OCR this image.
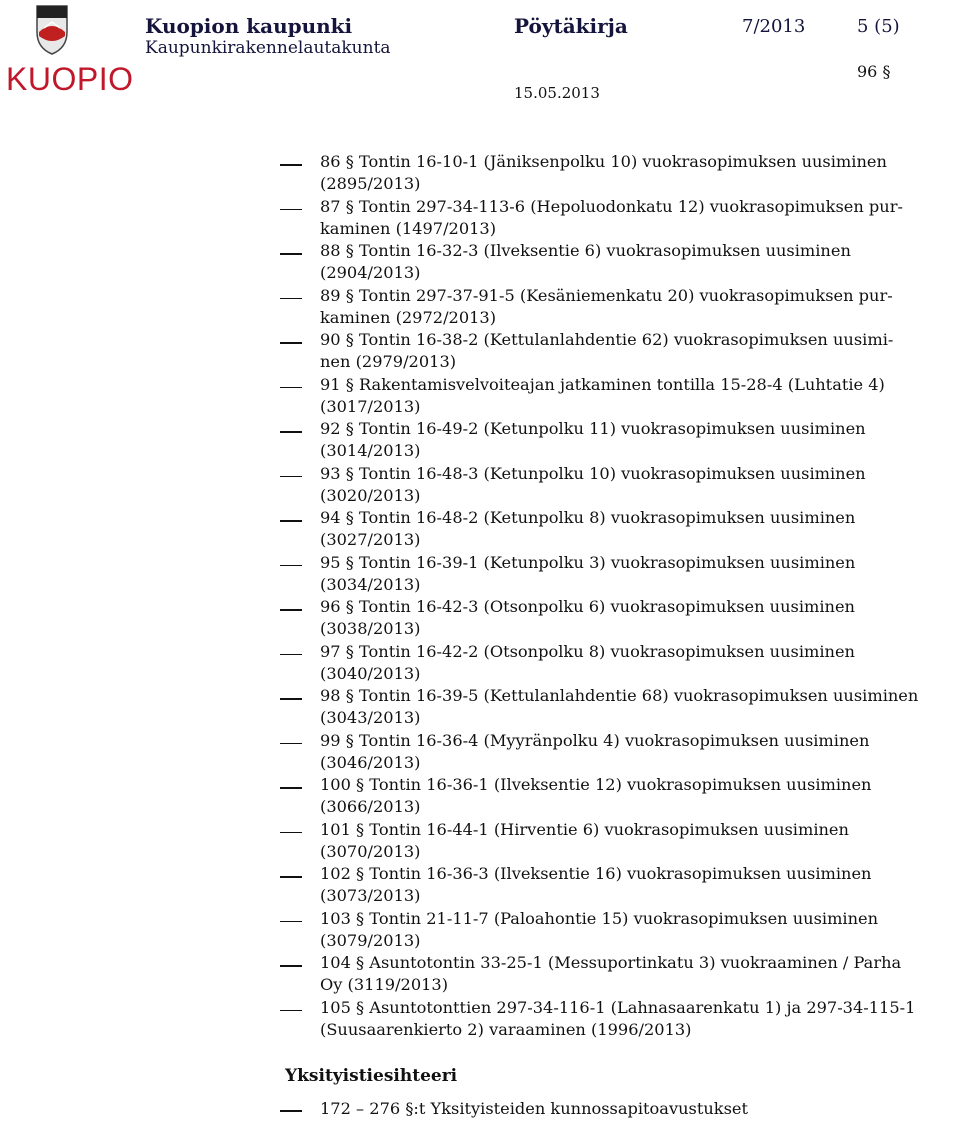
KUOPIO
Kuopion kaupunki
Kaupunkirakennelautakunta
Pöytäkirja	7/2013	5 (5)
96 §
15.05.2013
86 § Tontin 16-10-1 (Jäniksenpolku 10) vuokrasopimuksen uusiminen
(2895/2013)
87 § Tontin 297-34-113-6 (Hepoluodonkatu 12) vuokrasopimuksen pur-
kaminen (1497/2013)
88 § Tontin 16-32-3 (Ilveksentie 6) vuokrasopimuksen uusiminen
(2904/2013)
89 § Tontin 297-37-91-5 (Kesäniemenkatu 20) vuokrasopimuksen pur-
kaminen (2972/2013)
90 § Tontin 16-38-2 (Kettulanlahdentie 62) vuokrasopimuksen uusimi-
nen (2979/2013)
91 § Rakentamisvelvoiteajan jatkaminen tontilla 15-28-4 (Luhtatie 4)
(3017/2013)
92 § Tontin 16-49-2 (Ketunpolku 11) vuokrasopimuksen uusiminen
(3014/2013)
93 § Tontin 16-48-3 (Ketunpolku 10) vuokrasopimuksen uusiminen
(3020/2013)
94 § Tontin 16-48-2 (Ketunpolku 8) vuokrasopimuksen uusiminen
(3027/2013)
95 § Tontin 16-39-1 (Ketunpolku 3) vuokrasopimuksen uusiminen
(3034/2013)
96 § Tontin 16-42-3 (Otsonpolku 6) vuokrasopimuksen uusiminen
(3038/2013)
97 § Tontin 16-42-2 (Otsonpolku 8) vuokrasopimuksen uusiminen
(3040/2013)
98 § Tontin 16-39-5 (Kettulanlahdentie 68) vuokrasopimuksen uusiminen
(3043/2013)
99 § Tontin 16-36-4 (Myyränpolku 4) vuokrasopimuksen uusiminen
(3046/2013)
100 § Tontin 16-36-1 (Ilveksentie 12) vuokrasopimuksen uusiminen
(3066/2013)
101 § Tontin 16-44-1 (Hirventie 6) vuokrasopimuksen uusiminen
(3070/2013)
102 § Tontin 16-36-3 (Ilveksentie 16) vuokrasopimuksen uusiminen
(3073/2013)
103 § Tontin 21-11-7 (Paloahontie 15) vuokrasopimuksen uusiminen
(3079/2013)
104 § Asuntotontin 33-25-1 (Messuportinkatu 3) vuokraaminen / Parha
Oy (3119/2013)
105 § Asuntotonttien 297-34-116-1 (Lahnasaarenkatu 1) ja 297-34-115-1
(Suusaarenkierto 2) varaaminen (1996/2013)
Yksityistiesihteeri
172 – 276 §:t Yksityisteiden kunnossapitoavustukset
